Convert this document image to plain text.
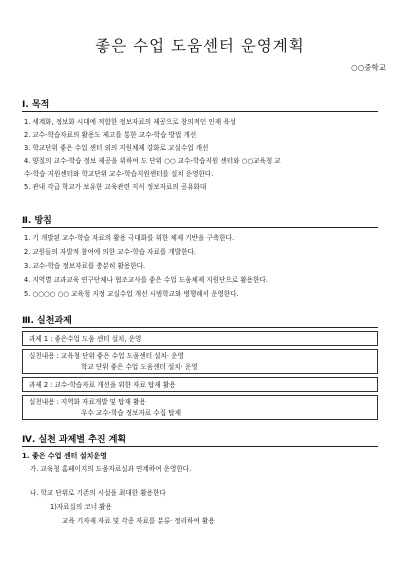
좋은 수업 도움센터 운영계획
○○중학교
Ⅰ. 목적
1. 세계화, 정보화 시대에 적합한 정보자료의 제공으로 창의적인 인재 육성
2. 교수-학습자료의 활용도 제고를 통한 교수-학습 방법 개선
3. 학교단위 좋은 수업 센터 외의 지원체제 강화로 교실수업 개선
4. 양질의 교수-학습 정보 제공을 위하여 도 단위 ○○ 교수-학습지원 센터와 ○○교육청 교
수-학습 지원센터와 학교단위 교수-학습지원센터를 설치 운영한다.
5. 관내 각급 학교가 보유한 교육관련 지식 정보자료의 공유화대
Ⅱ. 방침
1. 기 개발된 교수-학습 자료의 활용 극대화를 위한 체제 기반을 구축한다.
2. 교원들의 자발적 참여에 의한 교수-학습 자료를 개발한다.
3. 교수-학습 정보자료를 충분히 활용한다.
4. 지역별 교과교육 연구단체나 협조교사를 좋은 수업 도움체제 지원단으로 활용한다.
5. ○○○○ ○○ 교육청 지정 교실수업 개선 시범학교와 병행해서 운영한다.
Ⅲ. 실천과제
과제 1 : 좋은수업 도움 센터 설치, 운영
실천내용 : 교육청 단위 좋은 수업 도움센터 설치· 운영
학교 단위 좋은 수업 도움센터 설치· 운영
과제 2 : 교수-학습자료 개선을 위한 자료 탑재 활용
실천내용 : 지역화 자료개발 및 탑재 활용
우수 교수-학습 정보자료 수집 탑재
Ⅳ. 실천 과제별 추진 계획
1. 좋은 수업 센터 설치운영
가. 교육청 홈페이지의 도움자료실과 연계하여 운영한다.
나. 학교 단위로 기존의 시설을 최대한 활용한다
1)자료실의 코너 활용
교육 기자재 자료 및 각종 자료를 분류· 정리하여 활용
